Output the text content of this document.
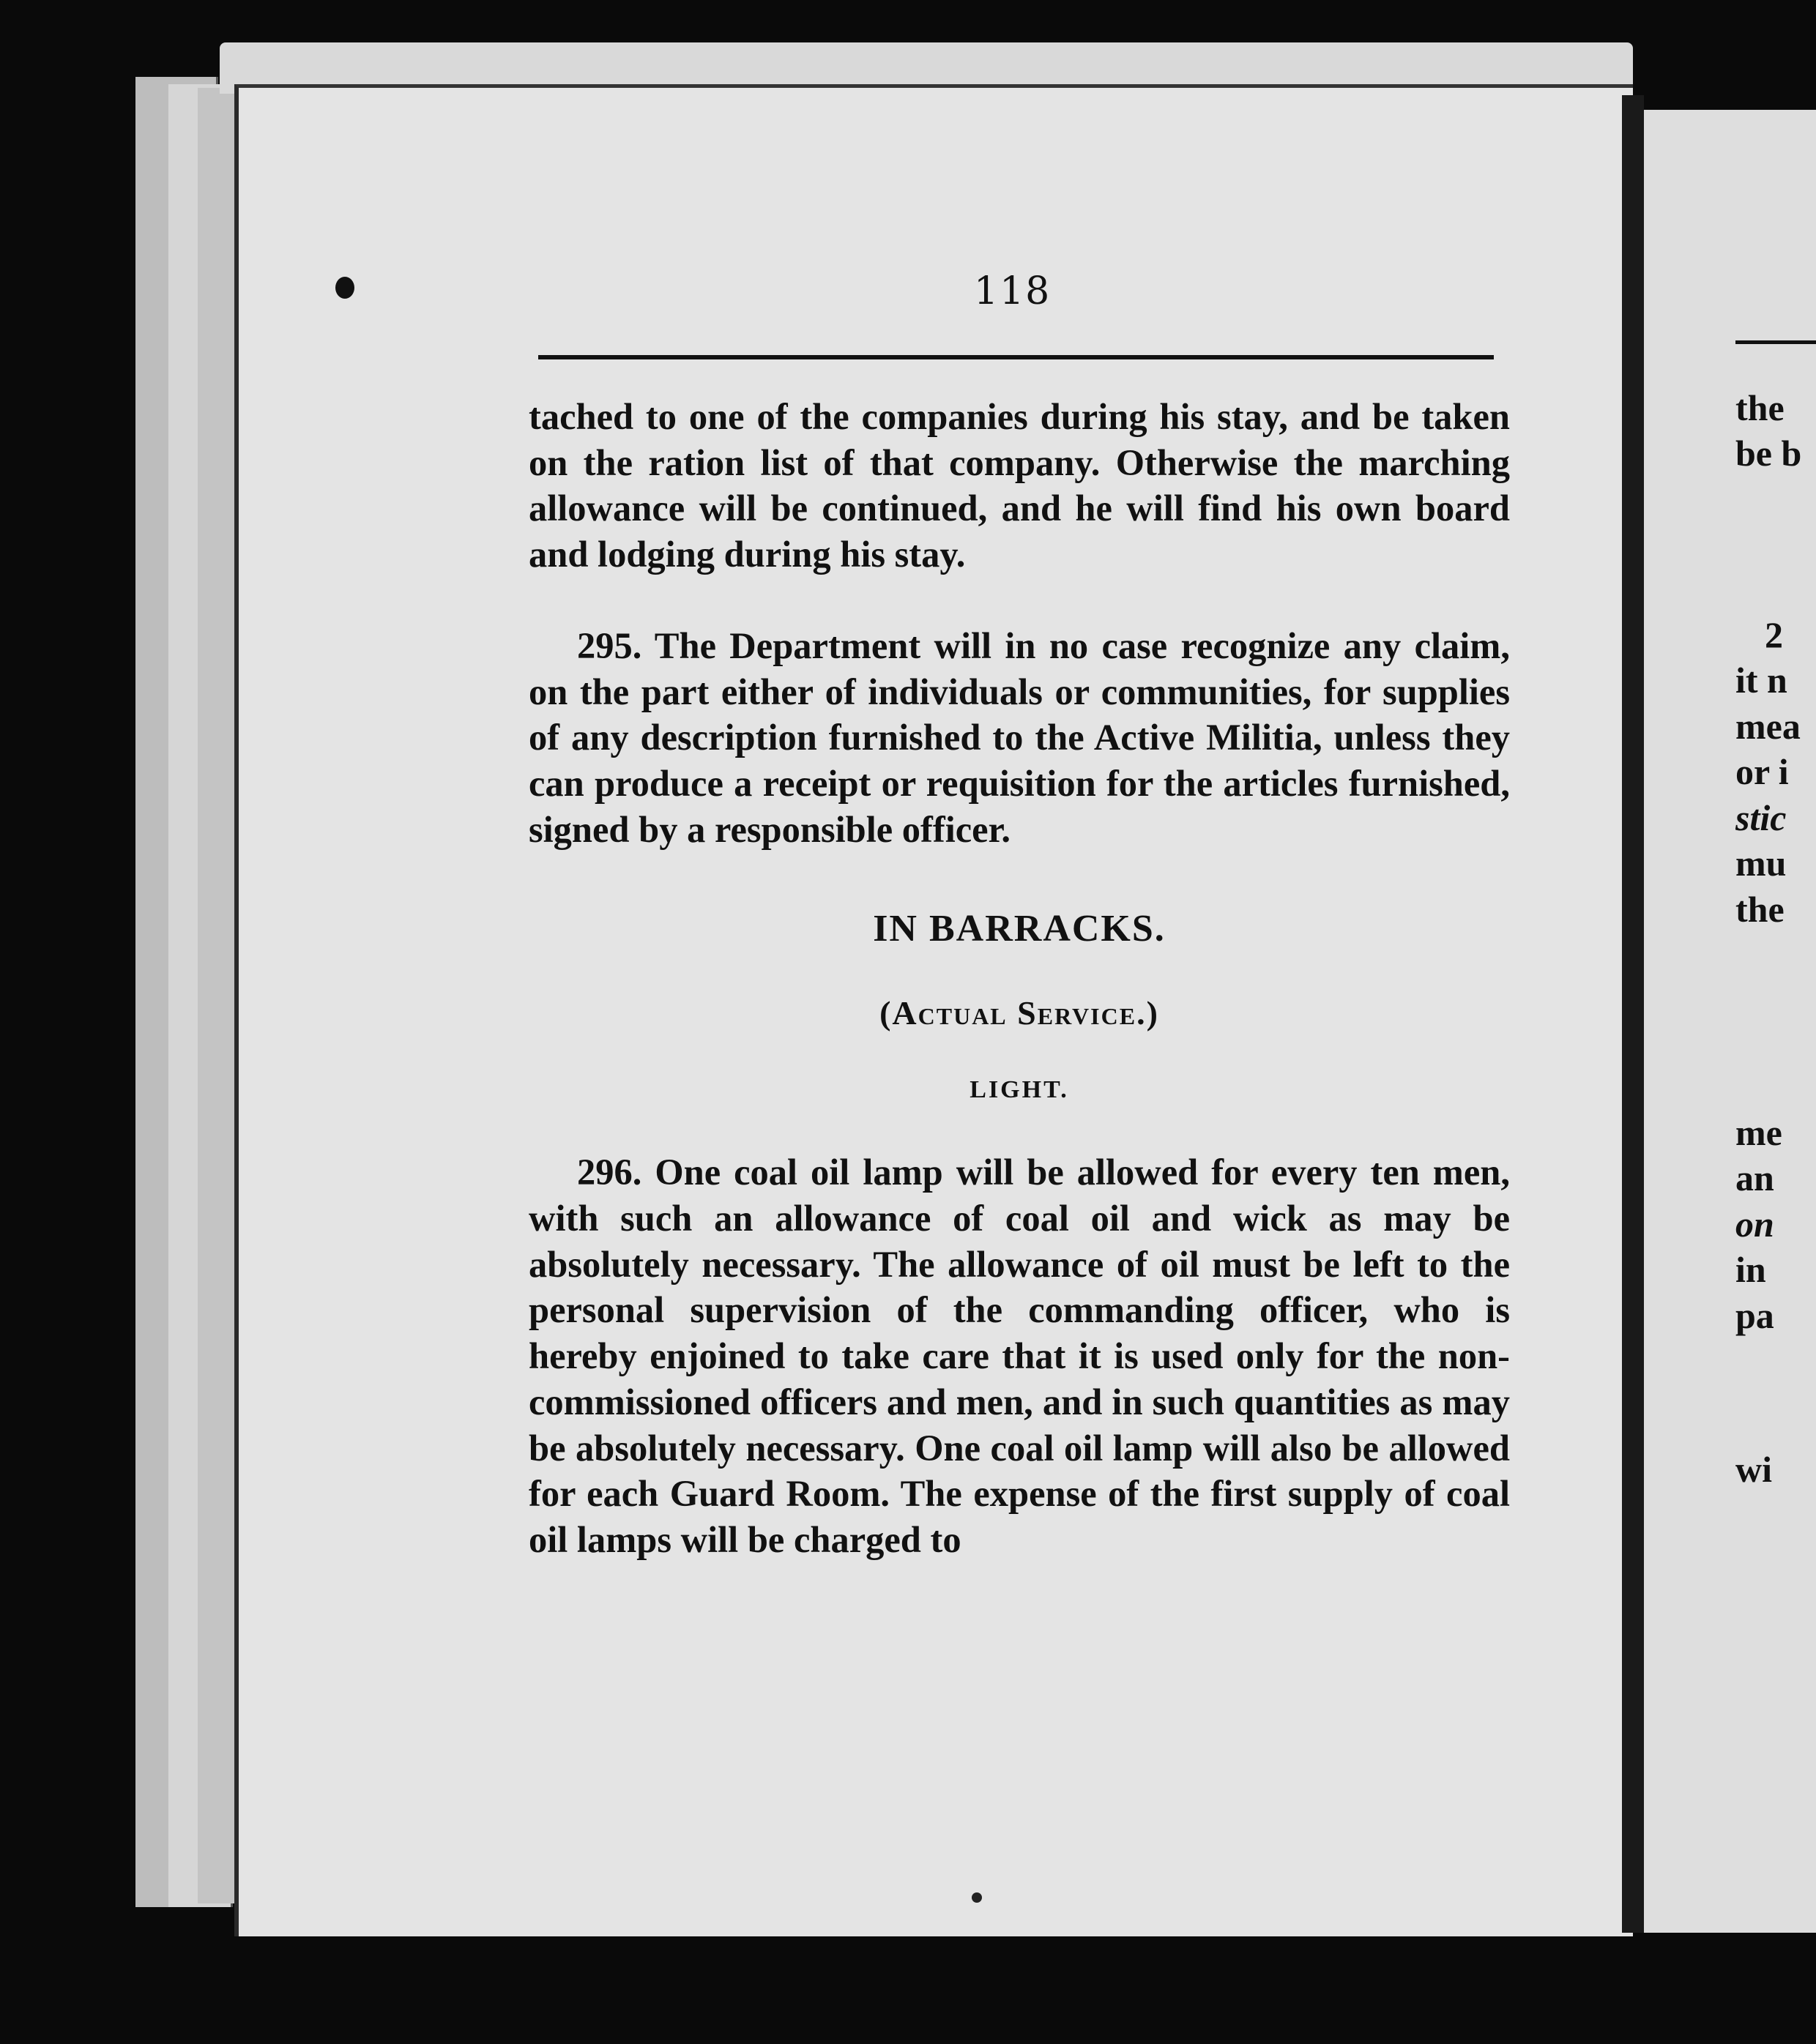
118

tached to one of the companies during his stay, and be taken on the ration list of that company. Otherwise the marching allowance will be continued, and he will find his own board and lodging during his stay.

295. The Department will in no case recognize any claim, on the part either of individuals or communities, for supplies of any description furnished to the Active Militia, unless they can produce a receipt or requisition for the articles furnished, signed by a responsible officer.

IN BARRACKS.

(Actual Service.)

LIGHT.

296. One coal oil lamp will be allowed for every ten men, with such an allowance of coal oil and wick as may be absolutely necessary. The allowance of oil must be left to the personal supervision of the commanding officer, who is hereby enjoined to take care that it is used only for the non-commissioned officers and men, and in such quantities as may be absolutely necessary. One coal oil lamp will also be allowed for each Guard Room. The expense of the first supply of coal oil lamps will be charged to

the
be b
2
it n
mea
or i
stic
mu
the
me
an
on
in
pa
wi
